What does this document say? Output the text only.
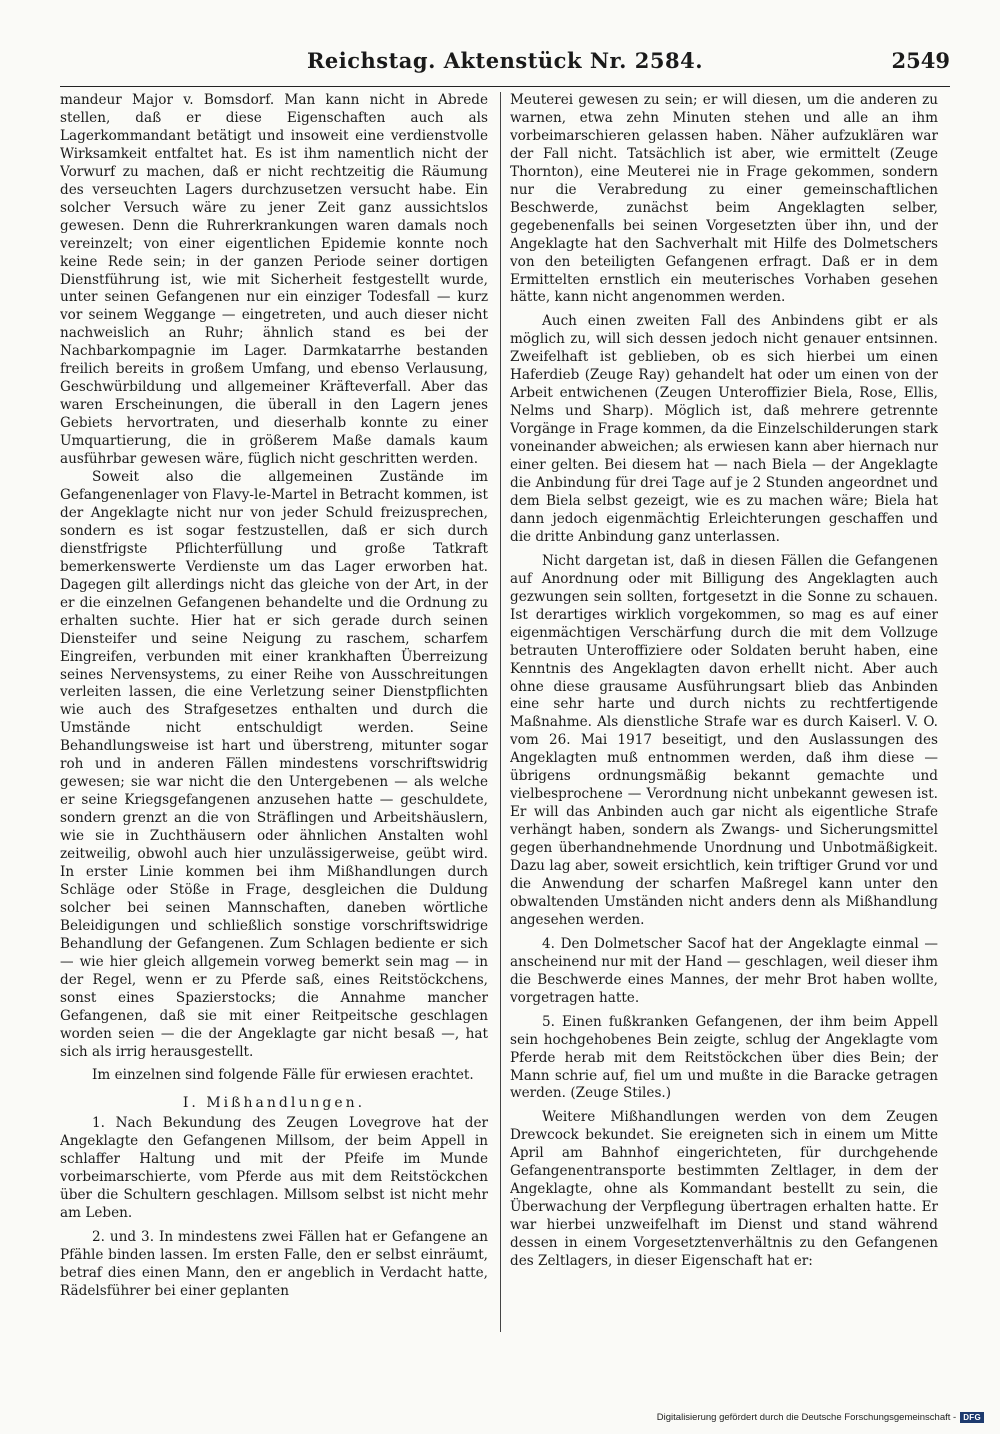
Reichstag. Aktenstück Nr. 2584.	2549

mandeur Major v. Bomsdorf. Man kann nicht in Abrede stellen, daß er diese Eigenschaften auch als Lagerkommandant betätigt und insoweit eine verdienstvolle Wirksamkeit entfaltet hat. Es ist ihm namentlich nicht der Vorwurf zu machen, daß er nicht rechtzeitig die Räumung des verseuchten Lagers durchzusetzen versucht habe. Ein solcher Versuch wäre zu jener Zeit ganz aussichtslos gewesen. Denn die Ruhrerkrankungen waren damals noch vereinzelt; von einer eigentlichen Epidemie konnte noch keine Rede sein; in der ganzen Periode seiner dortigen Dienstführung ist, wie mit Sicherheit festgestellt wurde, unter seinen Gefangenen nur ein einziger Todesfall — kurz vor seinem Weggange — eingetreten, und auch dieser nicht nachweislich an Ruhr; ähnlich stand es bei der Nachbarkompagnie im Lager. Darmkatarrhe bestanden freilich bereits in großem Umfang, und ebenso Verlausung, Geschwürbildung und allgemeiner Kräfteverfall. Aber das waren Erscheinungen, die überall in den Lagern jenes Gebiets hervortraten, und dieserhalb konnte zu einer Umquartierung, die in größerem Maße damals kaum ausführbar gewesen wäre, füglich nicht geschritten werden.

Soweit also die allgemeinen Zustände im Gefangenenlager von Flavy-le-Martel in Betracht kommen, ist der Angeklagte nicht nur von jeder Schuld freizusprechen, sondern es ist sogar festzustellen, daß er sich durch dienstfrigste Pflichterfüllung und große Tatkraft bemerkenswerte Verdienste um das Lager erworben hat. Dagegen gilt allerdings nicht das gleiche von der Art, in der er die einzelnen Gefangenen behandelte und die Ordnung zu erhalten suchte. Hier hat er sich gerade durch seinen Diensteifer und seine Neigung zu raschem, scharfem Eingreifen, verbunden mit einer krankhaften Überreizung seines Nervensystems, zu einer Reihe von Ausschreitungen verleiten lassen, die eine Verletzung seiner Dienstpflichten wie auch des Strafgesetzes enthalten und durch die Umstände nicht entschuldigt werden. Seine Behandlungsweise ist hart und überstreng, mitunter sogar roh und in anderen Fällen mindestens vorschriftswidrig gewesen; sie war nicht die den Untergebenen — als welche er seine Kriegsgefangenen anzusehen hatte — geschuldete, sondern grenzt an die von Sträflingen und Arbeitshäuslern, wie sie in Zuchthäusern oder ähnlichen Anstalten wohl zeitweilig, obwohl auch hier unzulässigerweise, geübt wird. In erster Linie kommen bei ihm Mißhandlungen durch Schläge oder Stöße in Frage, desgleichen die Duldung solcher bei seinen Mannschaften, daneben wörtliche Beleidigungen und schließlich sonstige vorschriftswidrige Behandlung der Gefangenen. Zum Schlagen bediente er sich — wie hier gleich allgemein vorweg bemerkt sein mag — in der Regel, wenn er zu Pferde saß, eines Reitstöckchens, sonst eines Spazierstocks; die Annahme mancher Gefangenen, daß sie mit einer Reitpeitsche geschlagen worden seien — die der Angeklagte gar nicht besaß —, hat sich als irrig herausgestellt.

Im einzelnen sind folgende Fälle für erwiesen erachtet.

I. Mißhandlungen.

1. Nach Bekundung des Zeugen Lovegrove hat der Angeklagte den Gefangenen Millsom, der beim Appell in schlaffer Haltung und mit der Pfeife im Munde vorbeimarschierte, vom Pferde aus mit dem Reitstöckchen über die Schultern geschlagen. Millsom selbst ist nicht mehr am Leben.

2. und 3. In mindestens zwei Fällen hat er Gefangene an Pfähle binden lassen. Im ersten Falle, den er selbst einräumt, betraf dies einen Mann, den er angeblich in Verdacht hatte, Rädelsführer bei einer geplanten

Meuterei gewesen zu sein; er will diesen, um die anderen zu warnen, etwa zehn Minuten stehen und alle an ihm vorbeimarschieren gelassen haben. Näher aufzuklären war der Fall nicht. Tatsächlich ist aber, wie ermittelt (Zeuge Thornton), eine Meuterei nie in Frage gekommen, sondern nur die Verabredung zu einer gemeinschaftlichen Beschwerde, zunächst beim Angeklagten selber, gegebenenfalls bei seinen Vorgesetzten über ihn, und der Angeklagte hat den Sachverhalt mit Hilfe des Dolmetschers von den beteiligten Gefangenen erfragt. Daß er in dem Ermittelten ernstlich ein meuterisches Vorhaben gesehen hätte, kann nicht angenommen werden.

Auch einen zweiten Fall des Anbindens gibt er als möglich zu, will sich dessen jedoch nicht genauer entsinnen. Zweifelhaft ist geblieben, ob es sich hierbei um einen Haferdieb (Zeuge Ray) gehandelt hat oder um einen von der Arbeit entwichenen (Zeugen Unteroffizier Biela, Rose, Ellis, Nelms und Sharp). Möglich ist, daß mehrere getrennte Vorgänge in Frage kommen, da die Einzelschilderungen stark voneinander abweichen; als erwiesen kann aber hiernach nur einer gelten. Bei diesem hat — nach Biela — der Angeklagte die Anbindung für drei Tage auf je 2 Stunden angeordnet und dem Biela selbst gezeigt, wie es zu machen wäre; Biela hat dann jedoch eigenmächtig Erleichterungen geschaffen und die dritte Anbindung ganz unterlassen.

Nicht dargetan ist, daß in diesen Fällen die Gefangenen auf Anordnung oder mit Billigung des Angeklagten auch gezwungen sein sollten, fortgesetzt in die Sonne zu schauen. Ist derartiges wirklich vorgekommen, so mag es auf einer eigenmächtigen Verschärfung durch die mit dem Vollzuge betrauten Unteroffiziere oder Soldaten beruht haben, eine Kenntnis des Angeklagten davon erhellt nicht. Aber auch ohne diese grausame Ausführungsart blieb das Anbinden eine sehr harte und durch nichts zu rechtfertigende Maßnahme. Als dienstliche Strafe war es durch Kaiserl. V. O. vom 26. Mai 1917 beseitigt, und den Auslassungen des Angeklagten muß entnommen werden, daß ihm diese — übrigens ordnungsmäßig bekannt gemachte und vielbesprochene — Verordnung nicht unbekannt gewesen ist. Er will das Anbinden auch gar nicht als eigentliche Strafe verhängt haben, sondern als Zwangs- und Sicherungsmittel gegen überhandnehmende Unordnung und Unbotmäßigkeit. Dazu lag aber, soweit ersichtlich, kein triftiger Grund vor und die Anwendung der scharfen Maßregel kann unter den obwaltenden Umständen nicht anders denn als Mißhandlung angesehen werden.

4. Den Dolmetscher Sacof hat der Angeklagte einmal — anscheinend nur mit der Hand — geschlagen, weil dieser ihm die Beschwerde eines Mannes, der mehr Brot haben wollte, vorgetragen hatte.

5. Einen fußkranken Gefangenen, der ihm beim Appell sein hochgehobenes Bein zeigte, schlug der Angeklagte vom Pferde herab mit dem Reitstöckchen über dies Bein; der Mann schrie auf, fiel um und mußte in die Baracke getragen werden. (Zeuge Stiles.)

Weitere Mißhandlungen werden von dem Zeugen Drewcock bekundet. Sie ereigneten sich in einem um Mitte April am Bahnhof eingerichteten, für durchgehende Gefangenentransporte bestimmten Zeltlager, in dem der Angeklagte, ohne als Kommandant bestellt zu sein, die Überwachung der Verpflegung übertragen erhalten hatte. Er war hierbei unzweifelhaft im Dienst und stand während dessen in einem Vorgesetztenverhältnis zu den Gefangenen des Zeltlagers, in dieser Eigenschaft hat er:

Digitalisierung gefördert durch die Deutsche Forschungsgemeinschaft - DFG
